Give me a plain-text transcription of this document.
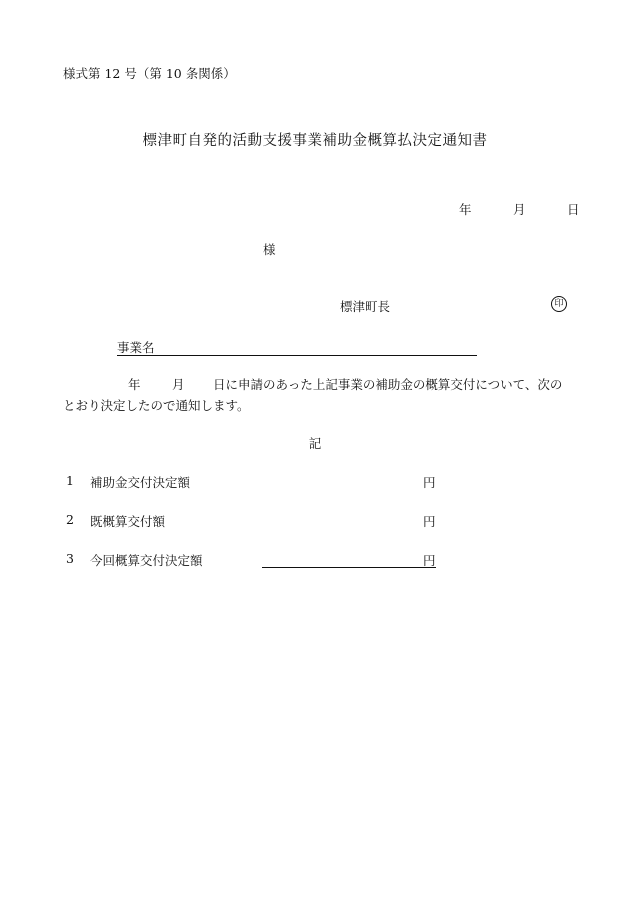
様式第 12 号（第 10 条関係）
標津町自発的活動支援事業補助金概算払決定通知書
年	月	日
様
標津町長	印
事業名
年	月 日に申請のあった上記事業の補助金の概算交付について、次の
とおり決定したので通知します。
記
1 補助金交付決定額	円
2 既概算交付額	円
3 今回概算交付決定額	円
